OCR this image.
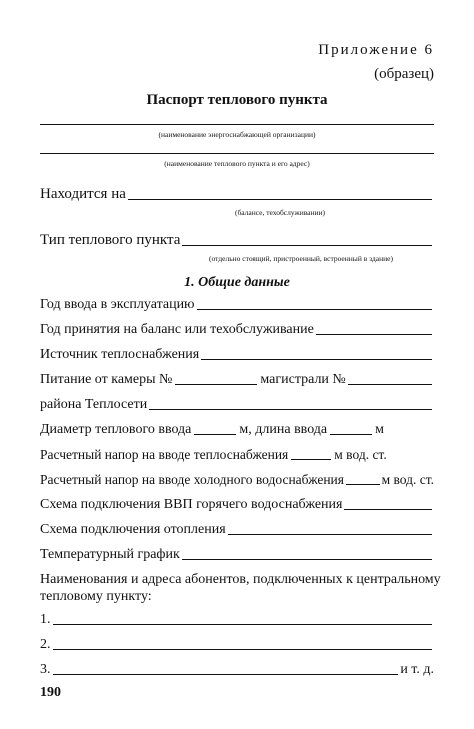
Приложение 6
(образец)
Паспорт теплового пункта
(наименование энергоснабжающей организации)
(наименование теплового пункта и его адрес)
Находится на
(балансе, техобслуживании)
Тип теплового пункта
(отдельно стоящий, пристроенный, встроенный в здание)
1. Общие данные
Год ввода в эксплуатацию
Год принятия на баланс или техобслуживание
Источник теплоснабжения
Питание от камеры №	магистрали №
района Теплосети
Диаметр теплового ввода	м, длина ввода	м
Расчетный напор на вводе теплоснабжения	м вод. ст.
Расчетный напор на вводе холодного водоснабжения	м вод. ст.
Схема подключения ВВП горячего водоснабжения
Схема подключения отопления
Температурный график
Наименования и адреса абонентов, подключенных к центральному
тепловому пункту:
1.
2.
3.	и т. д.
190
